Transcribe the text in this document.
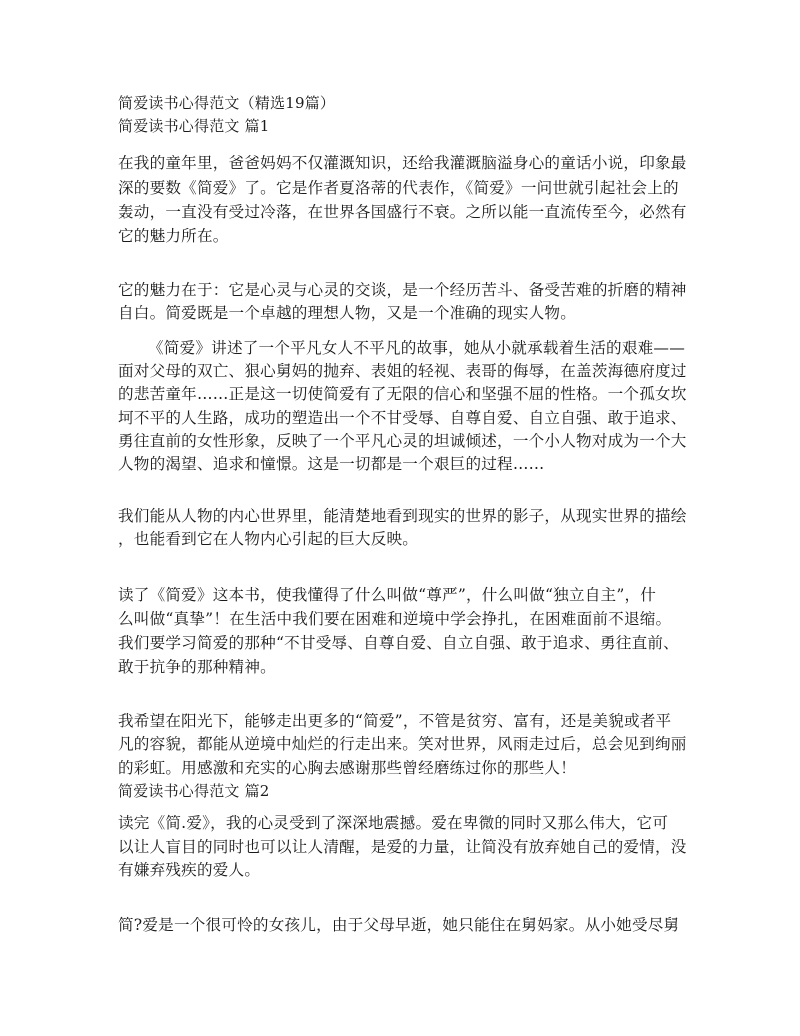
简爱读书心得范文（精选19篇）
简爱读书心得范文 篇1
在我的童年里，爸爸妈妈不仅灌溉知识，还给我灌溉脑溢身心的童话小说，印象最
深的要数《简爱》了。它是作者夏洛蒂的代表作，《简爱》一问世就引起社会上的
轰动，一直没有受过冷落，在世界各国盛行不衰。之所以能一直流传至今，必然有
它的魅力所在。
它的魅力在于：它是心灵与心灵的交谈，是一个经历苦斗、备受苦难的折磨的精神
自白。简爱既是一个卓越的理想人物，又是一个准确的现实人物。
《简爱》讲述了一个平凡女人不平凡的故事，她从小就承载着生活的艰难——
面对父母的双亡、狠心舅妈的抛弃、表姐的轻视、表哥的侮辱，在盖茨海德府度过
的悲苦童年……正是这一切使简爱有了无限的信心和坚强不屈的性格。一个孤女坎
坷不平的人生路，成功的塑造出一个不甘受辱、自尊自爱、自立自强、敢于追求、
勇往直前的女性形象，反映了一个平凡心灵的坦诚倾述，一个小人物对成为一个大
人物的渴望、追求和憧憬。这是一切都是一个艰巨的过程……
我们能从人物的内心世界里，能清楚地看到现实的世界的影子，从现实世界的描绘
，也能看到它在人物内心引起的巨大反映。
读了《简爱》这本书，使我懂得了什么叫做“尊严”，什么叫做“独立自主”，什
么叫做“真挚”！在生活中我们要在困难和逆境中学会挣扎，在困难面前不退缩。
我们要学习简爱的那种“不甘受辱、自尊自爱、自立自强、敢于追求、勇往直前、
敢于抗争的那种精神。
我希望在阳光下，能够走出更多的“简爱”，不管是贫穷、富有，还是美貌或者平
凡的容貌，都能从逆境中灿烂的行走出来。笑对世界，风雨走过后，总会见到绚丽
的彩虹。用感激和充实的心胸去感谢那些曾经磨练过你的那些人！
简爱读书心得范文 篇2
读完《简.爱》，我的心灵受到了深深地震撼。爱在卑微的同时又那么伟大，它可
以让人盲目的同时也可以让人清醒，是爱的力量，让简没有放弃她自己的爱情，没
有嫌弃残疾的爱人。
简?爱是一个很可怜的女孩儿，由于父母早逝，她只能住在舅妈家。从小她受尽舅
